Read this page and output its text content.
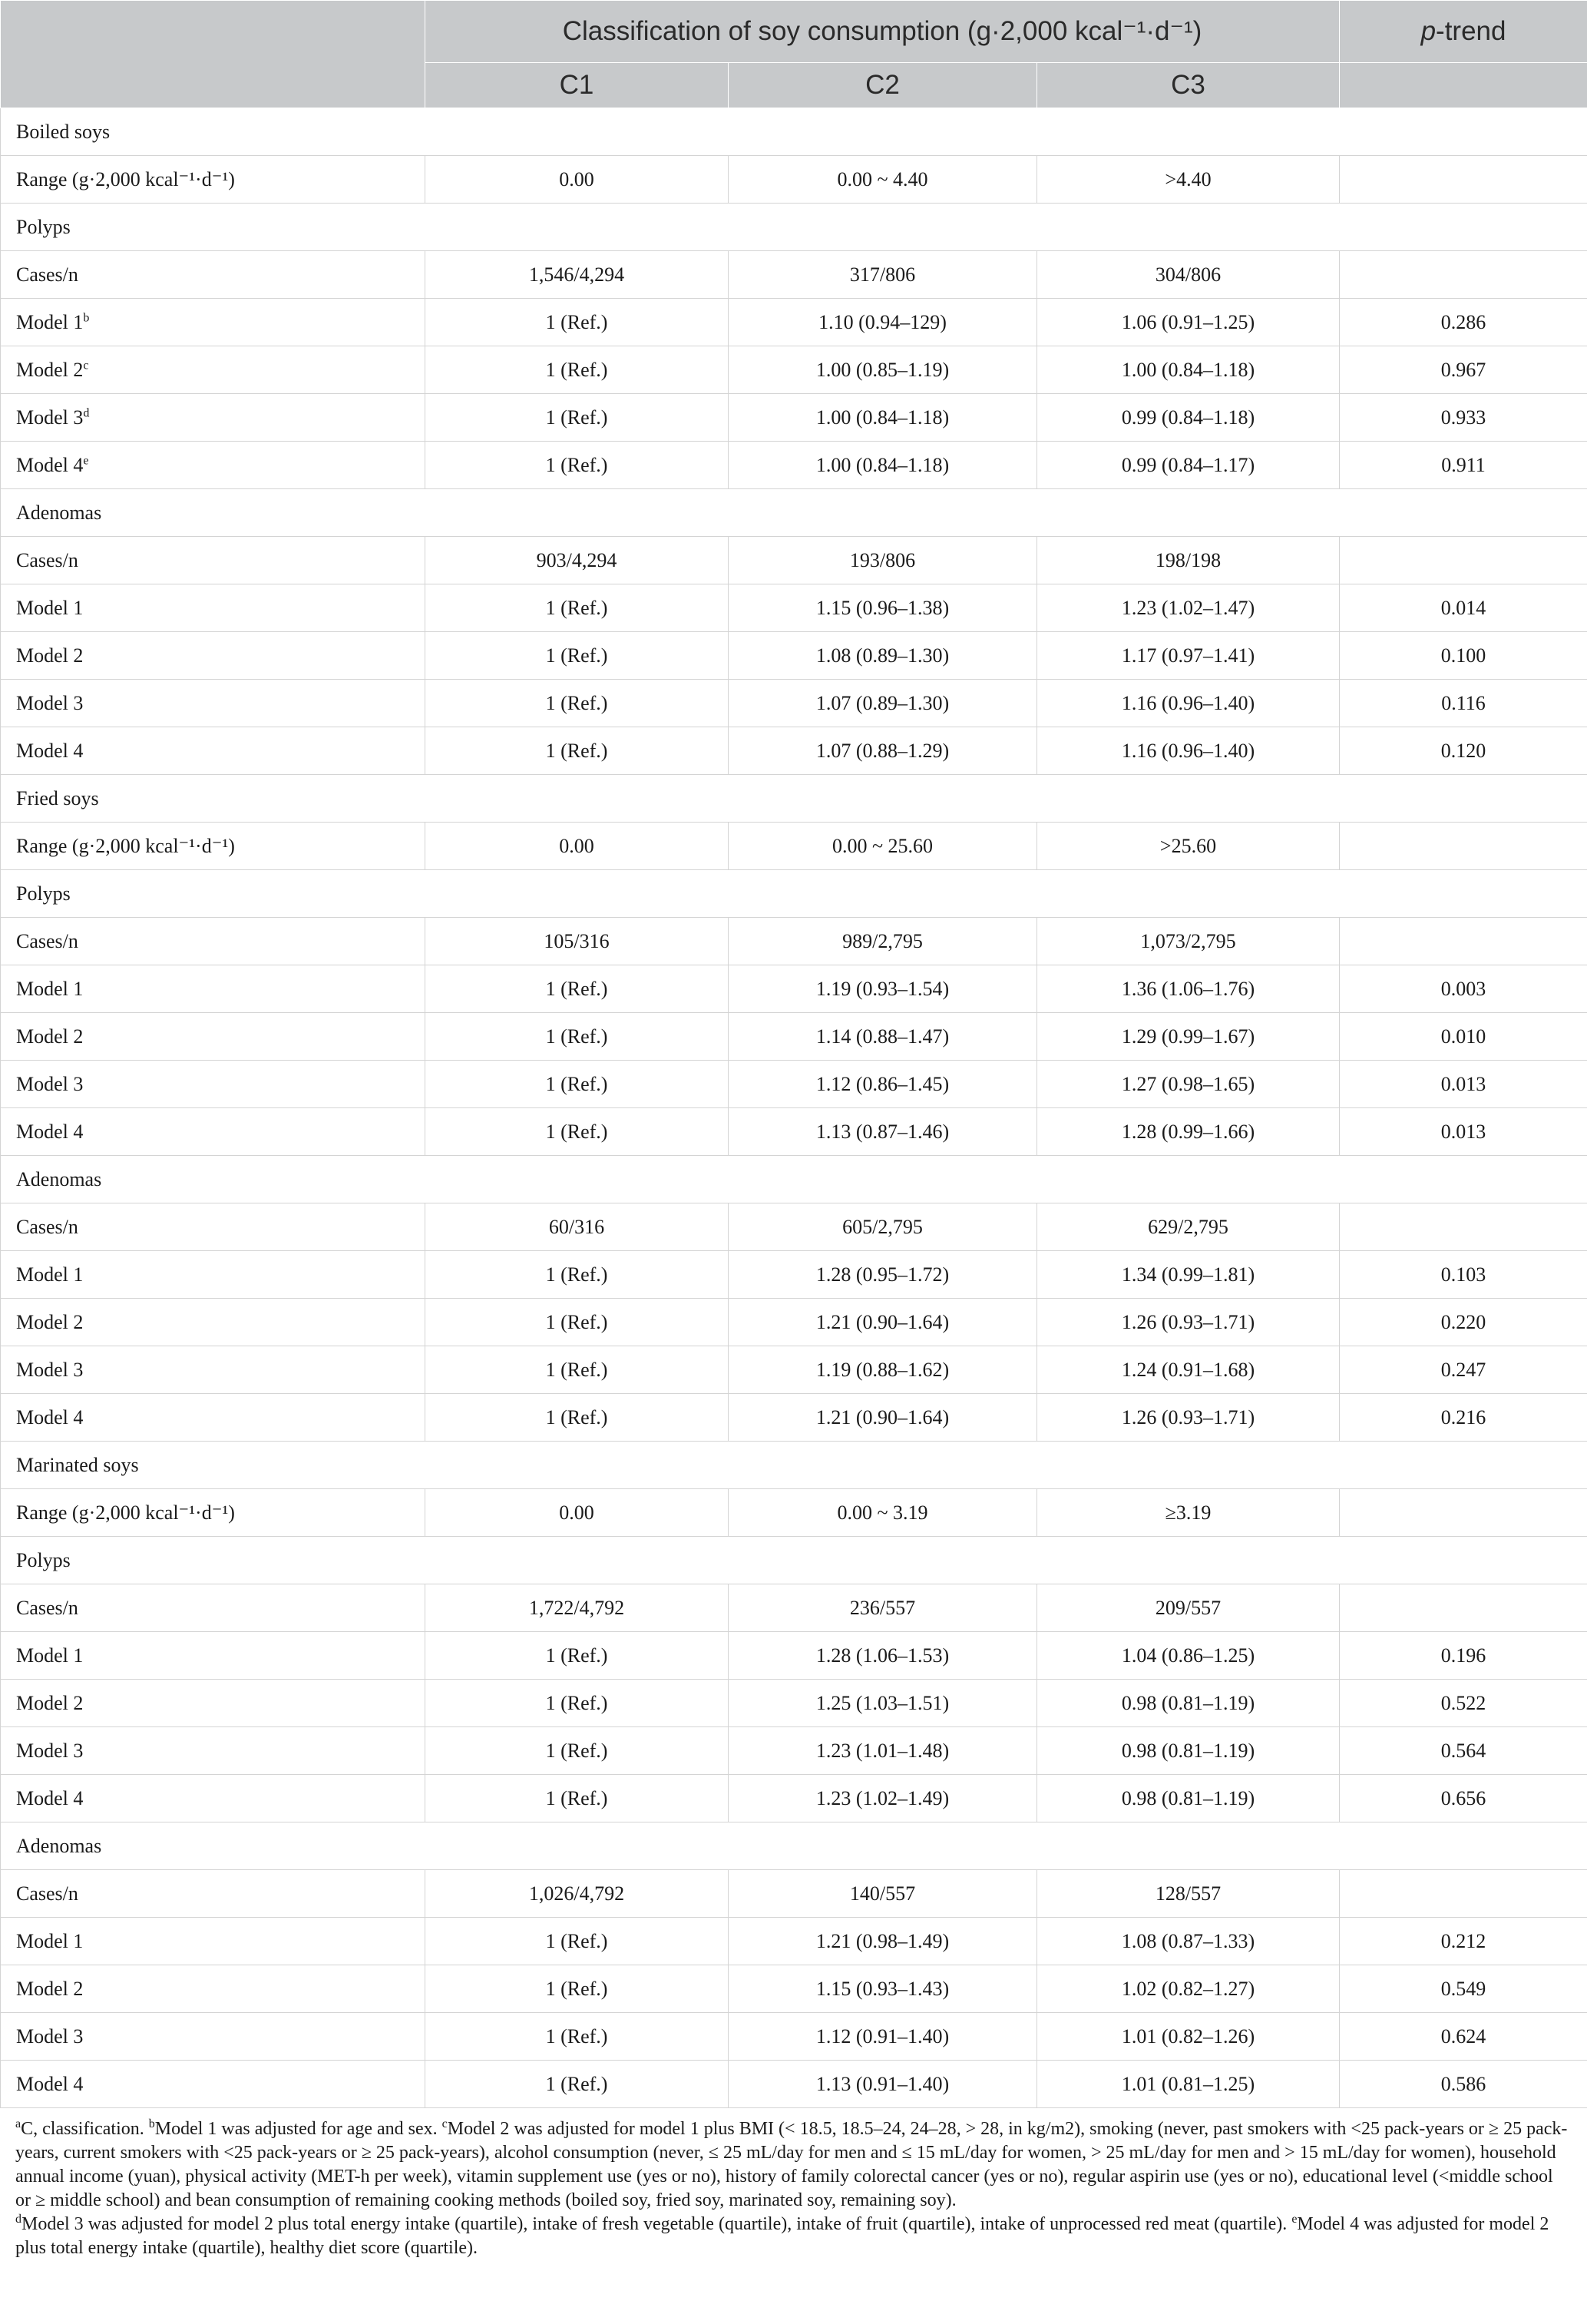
	Classification of soy consumption (g·2,000 kcal⁻¹·d⁻¹)			p-trend
	C1	C2	C3	
Boiled soys				
Range (g·2,000 kcal⁻¹·d⁻¹)	0.00	0.00 ~ 4.40	>4.40	
Polyps				
Cases/n	1,546/4,294	317/806	304/806	
Model 1$^b$	1 (Ref.)	1.10 (0.94–129)	1.06 (0.91–1.25)	0.286
Model 2$^c$	1 (Ref.)	1.00 (0.85–1.19)	1.00 (0.84–1.18)	0.967
Model 3$^d$	1 (Ref.)	1.00 (0.84–1.18)	0.99 (0.84–1.18)	0.933
Model 4e	1 (Ref.)	1.00 (0.84–1.18)	0.99 (0.84–1.17)	0.911
Adenomas				
Cases/n	903/4,294	193/806	198/198	
Model 1	1 (Ref.)	1.15 (0.96–1.38)	1.23 (1.02–1.47)	0.014
Model 2	1 (Ref.)	1.08 (0.89–1.30)	1.17 (0.97–1.41)	0.100
Model 3	1 (Ref.)	1.07 (0.89–1.30)	1.16 (0.96–1.40)	0.116
Model 4	1 (Ref.)	1.07 (0.88–1.29)	1.16 (0.96–1.40)	0.120
Fried soys				
Range (g·2,000 kcal⁻¹·d⁻¹)	0.00	0.00 ~ 25.60	>25.60	
Polyps				
Cases/n	105/316	989/2,795	1,073/2,795	
Model 1	1 (Ref.)	1.19 (0.93–1.54)	1.36 (1.06–1.76)	0.003
Model 2	1 (Ref.)	1.14 (0.88–1.47)	1.29 (0.99–1.67)	0.010
Model 3	1 (Ref.)	1.12 (0.86–1.45)	1.27 (0.98–1.65)	0.013
Model 4	1 (Ref.)	1.13 (0.87–1.46)	1.28 (0.99–1.66)	0.013
Adenomas				
Cases/n	60/316	605/2,795	629/2,795	
Model 1	1 (Ref.)	1.28 (0.95–1.72)	1.34 (0.99–1.81)	0.103
Model 2	1 (Ref.)	1.21 (0.90–1.64)	1.26 (0.93–1.71)	0.220
Model 3	1 (Ref.)	1.19 (0.88–1.62)	1.24 (0.91–1.68)	0.247
Model 4	1 (Ref.)	1.21 (0.90–1.64)	1.26 (0.93–1.71)	0.216
Marinated soys				
Range (g·2,000 kcal⁻¹·d⁻¹)	0.00	0.00 ~ 3.19	≥3.19	
Polyps				
Cases/n	1,722/4,792	236/557	209/557	
Model 1	1 (Ref.)	1.28 (1.06–1.53)	1.04 (0.86–1.25)	0.196
Model 2	1 (Ref.)	1.25 (1.03–1.51)	0.98 (0.81–1.19)	0.522
Model 3	1 (Ref.)	1.23 (1.01–1.48)	0.98 (0.81–1.19)	0.564
Model 4	1 (Ref.)	1.23 (1.02–1.49)	0.98 (0.81–1.19)	0.656
Adenomas				
Cases/n	1,026/4,792	140/557	128/557	
Model 1	1 (Ref.)	1.21 (0.98–1.49)	1.08 (0.87–1.33)	0.212
Model 2	1 (Ref.)	1.15 (0.93–1.43)	1.02 (0.82–1.27)	0.549
Model 3	1 (Ref.)	1.12 (0.91–1.40)	1.01 (0.82–1.26)	0.624
Model 4	1 (Ref.)	1.13 (0.91–1.40)	1.01 (0.81–1.25)	0.586

$^a$C, classification. $^b$Model 1 was adjusted for age and sex. $^c$Model 2 was adjusted for model 1 plus BMI (< 18.5, 18.5–24, 24–28, > 28, in kg/m2), smoking (never, past smokers with <25 pack-years or ≥ 25 pack-years, current smokers with <25 pack-years or ≥ 25 pack-years), alcohol consumption (never, ≤ 25 mL/day for men and ≤ 15 mL/day for women, > 25 mL/day for men and > 15 mL/day for women), household annual income (yuan), physical activity (MET-h per week), vitamin supplement use (yes or no), history of family colorectal cancer (yes or no), regular aspirin use (yes or no), educational level (<middle school or ≥ middle school) and bean consumption of remaining cooking methods (boiled soy, fried soy, marinated soy, remaining soy).

$^d$Model 3 was adjusted for model 2 plus total energy intake (quartile), intake of fresh vegetable (quartile), intake of fruit (quartile), intake of unprocessed red meat (quartile). $^e$Model 4 was adjusted for model 2 plus total energy intake (quartile), healthy diet score (quartile).
